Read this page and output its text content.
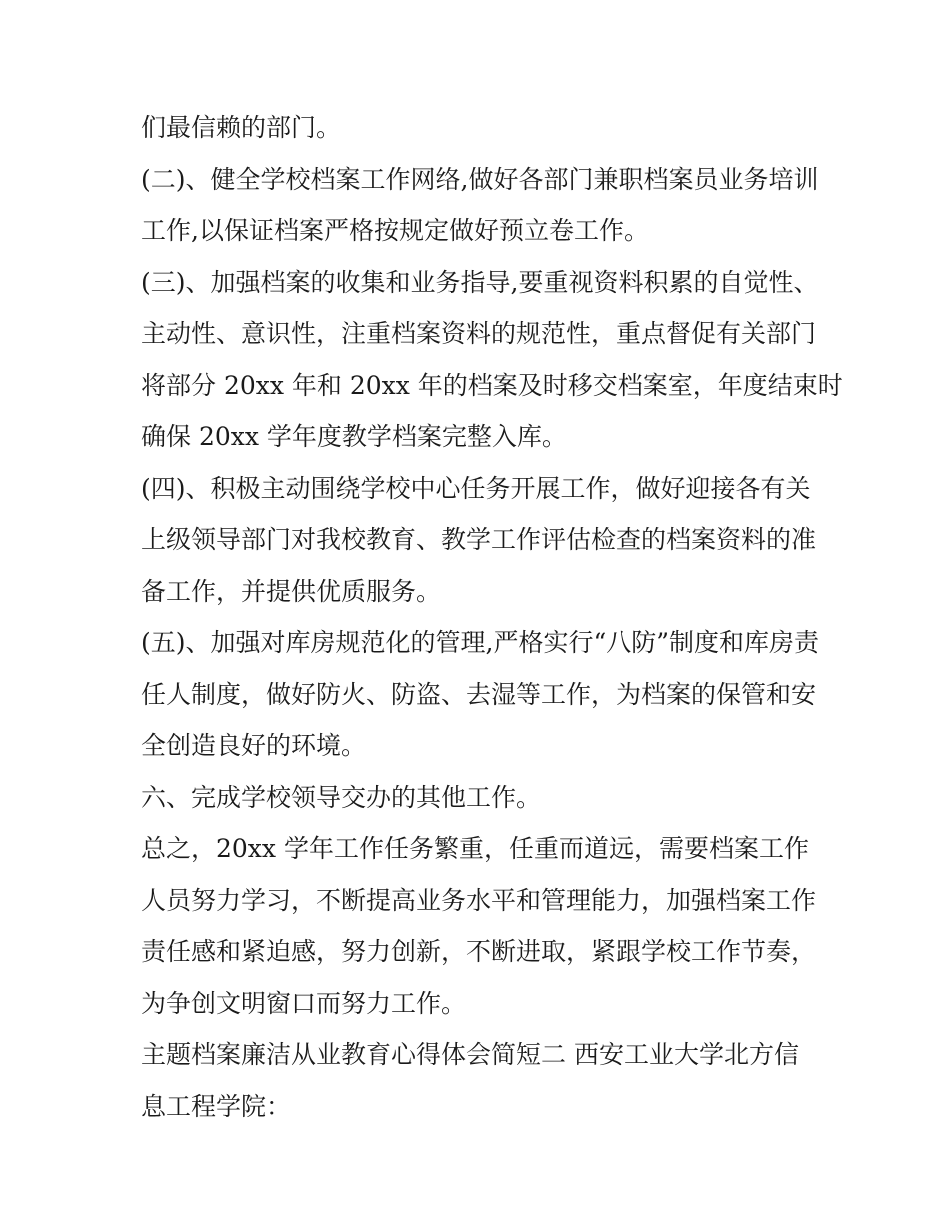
们最信赖的部门。
(二)、健全学校档案工作网络,做好各部门兼职档案员业务培训
工作,以保证档案严格按规定做好预立卷工作。
(三)、加强档案的收集和业务指导,要重视资料积累的自觉性、
主动性、意识性，注重档案资料的规范性，重点督促有关部门
将部分 20xx 年和 20xx 年的档案及时移交档案室，年度结束时
确保 20xx 学年度教学档案完整入库。
(四)、积极主动围绕学校中心任务开展工作，做好迎接各有关
上级领导部门对我校教育、教学工作评估检查的档案资料的准
备工作，并提供优质服务。
(五)、加强对库房规范化的管理,严格实行“八防”制度和库房责
任人制度，做好防火、防盗、去湿等工作，为档案的保管和安
全创造良好的环境。
六、完成学校领导交办的其他工作。
总之，20xx 学年工作任务繁重，任重而道远，需要档案工作
人员努力学习，不断提高业务水平和管理能力，加强档案工作
责任感和紧迫感，努力创新，不断进取，紧跟学校工作节奏，
为争创文明窗口而努力工作。
主题档案廉洁从业教育心得体会简短二 西安工业大学北方信
息工程学院：
